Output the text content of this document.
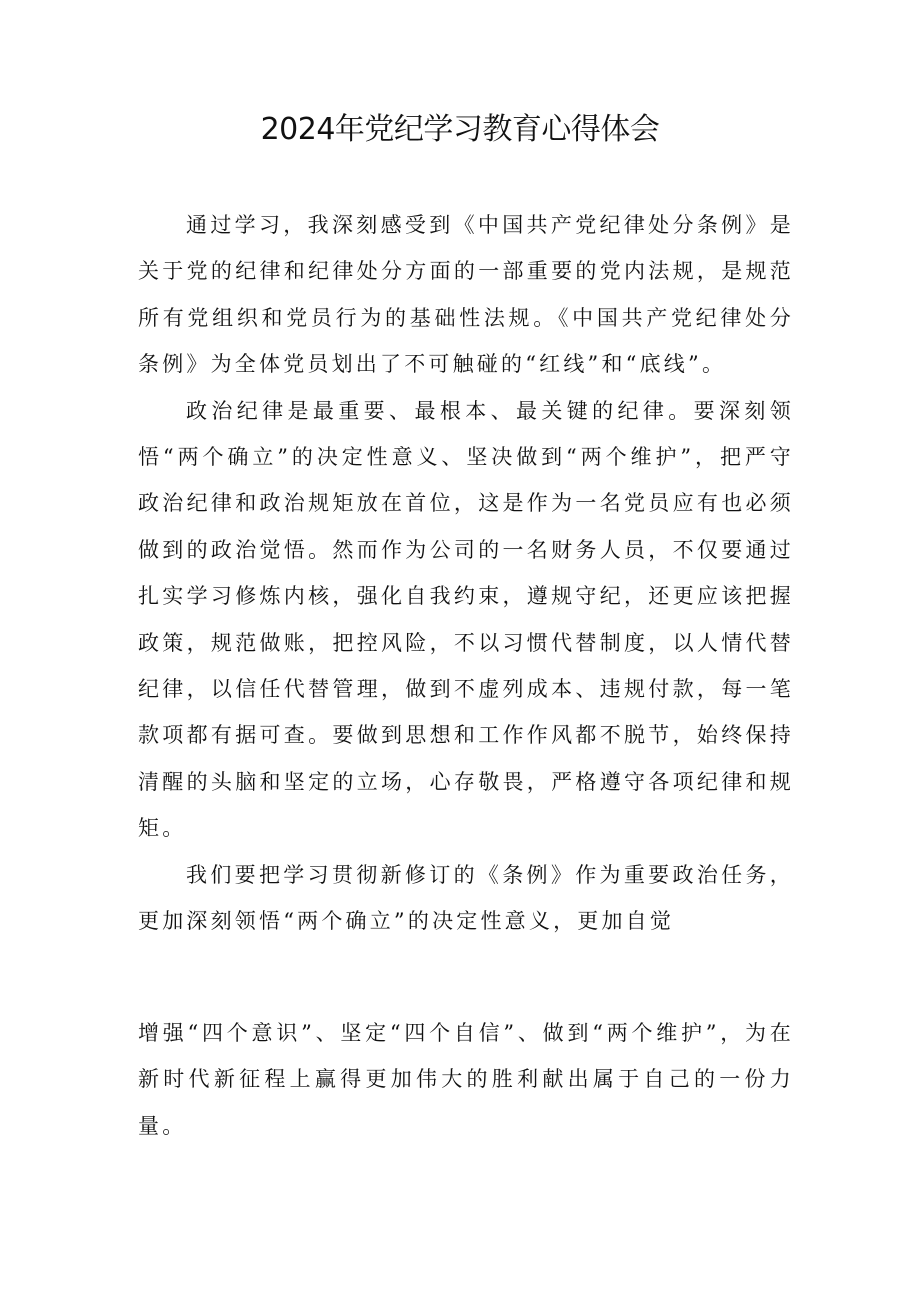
2024年党纪学习教育心得体会

通过学习，我深刻感受到《中国共产党纪律处分条例》是关于党的纪律和纪律处分方面的一部重要的党内法规，是规范所有党组织和党员行为的基础性法规。《中国共产党纪律处分条例》为全体党员划出了不可触碰的“红线”和“底线”。

政治纪律是最重要、最根本、最关键的纪律。要深刻领悟“两个确立”的决定性意义、坚决做到“两个维护”，把严守政治纪律和政治规矩放在首位，这是作为一名党员应有也必须做到的政治觉悟。然而作为公司的一名财务人员，不仅要通过扎实学习修炼内核，强化自我约束，遵规守纪，还更应该把握政策，规范做账，把控风险，不以习惯代替制度，以人情代替纪律，以信任代替管理，做到不虚列成本、违规付款，每一笔款项都有据可查。要做到思想和工作作风都不脱节，始终保持清醒的头脑和坚定的立场，心存敬畏，严格遵守各项纪律和规矩。

我们要把学习贯彻新修订的《条例》作为重要政治任务，更加深刻领悟“两个确立”的决定性意义，更加自觉

增强“四个意识”、坚定“四个自信”、做到“两个维护”，为在新时代新征程上赢得更加伟大的胜利献出属于自己的一份力量。
